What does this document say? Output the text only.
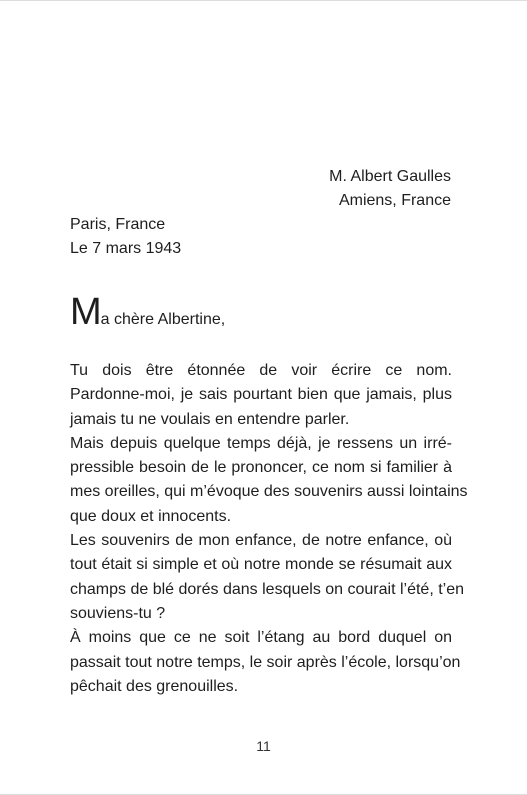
M. Albert Gaulles
Amiens, France
Paris, France
Le 7 mars 1943
Ma chère Albertine,
Tu dois être étonnée de voir écrire ce nom.
Pardonne-moi, je sais pourtant bien que jamais, plus
jamais tu ne voulais en entendre parler.
Mais depuis quelque temps déjà, je ressens un irré-
pressible besoin de le prononcer, ce nom si familier à
mes oreilles, qui m’évoque des souvenirs aussi lointains
que doux et innocents.
Les souvenirs de mon enfance, de notre enfance, où
tout était si simple et où notre monde se résumait aux
champs de blé dorés dans lesquels on courait l’été, t’en
souviens-tu ?
À moins que ce ne soit l’étang au bord duquel on
passait tout notre temps, le soir après l’école, lorsqu’on
pêchait des grenouilles.
11
